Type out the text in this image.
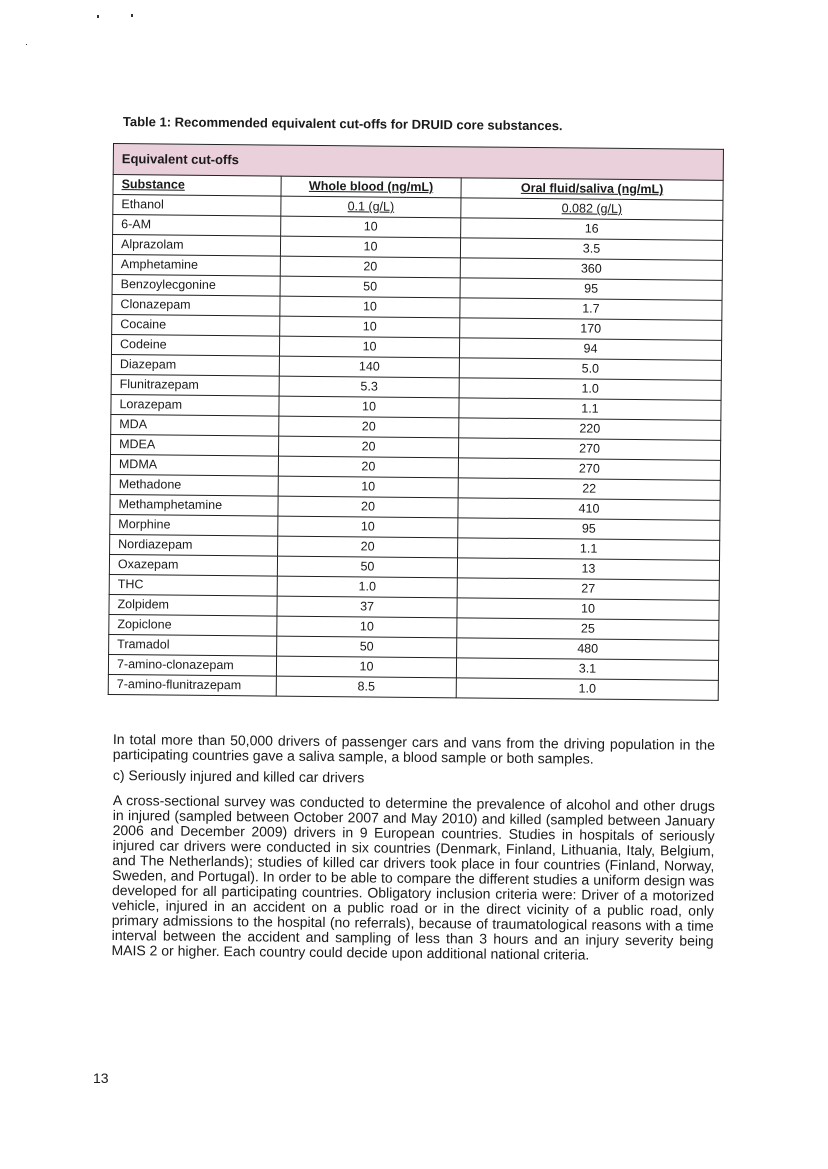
Table 1: Recommended equivalent cut-offs for DRUID core substances.
Equivalent cut-offs		
Substance	Whole blood (ng/mL)	Oral fluid/saliva (ng/mL)
Ethanol	0.1 (g/L)	0.082 (g/L)
6-AM	10	16
Alprazolam	10	3.5
Amphetamine	20	360
Benzoylecgonine	50	95
Clonazepam	10	1.7
Cocaine	10	170
Codeine	10	94
Diazepam	140	5.0
Flunitrazepam	5.3	1.0
Lorazepam	10	1.1
MDA	20	220
MDEA	20	270
MDMA	20	270
Methadone	10	22
Methamphetamine	20	410
Morphine	10	95
Nordiazepam	20	1.1
Oxazepam	50	13
THC	1.0	27
Zolpidem	37	10
Zopiclone	10	25
Tramadol	50	480
7-amino-clonazepam	10	3.1
7-amino-flunitrazepam	8.5	1.0
In total more than 50,000 drivers of passenger cars and vans from the driving population in the participating countries gave a saliva sample, a blood sample or both samples.
c) Seriously injured and killed car drivers
A cross-sectional survey was conducted to determine the prevalence of alcohol and other drugs in injured (sampled between October 2007 and May 2010) and killed (sampled between January 2006 and December 2009) drivers in 9 European countries. Studies in hospitals of seriously injured car drivers were conducted in six countries (Denmark, Finland, Lithuania, Italy, Belgium, and The Netherlands); studies of killed car drivers took place in four countries (Finland, Norway, Sweden, and Portugal). In order to be able to compare the different studies a uniform design was developed for all participating countries. Obligatory inclusion criteria were: Driver of a motorized vehicle, injured in an accident on a public road or in the direct vicinity of a public road, only primary admissions to the hospital (no referrals), because of traumatological reasons with a time interval between the accident and sampling of less than 3 hours and an injury severity being MAIS 2 or higher. Each country could decide upon additional national criteria.
13
